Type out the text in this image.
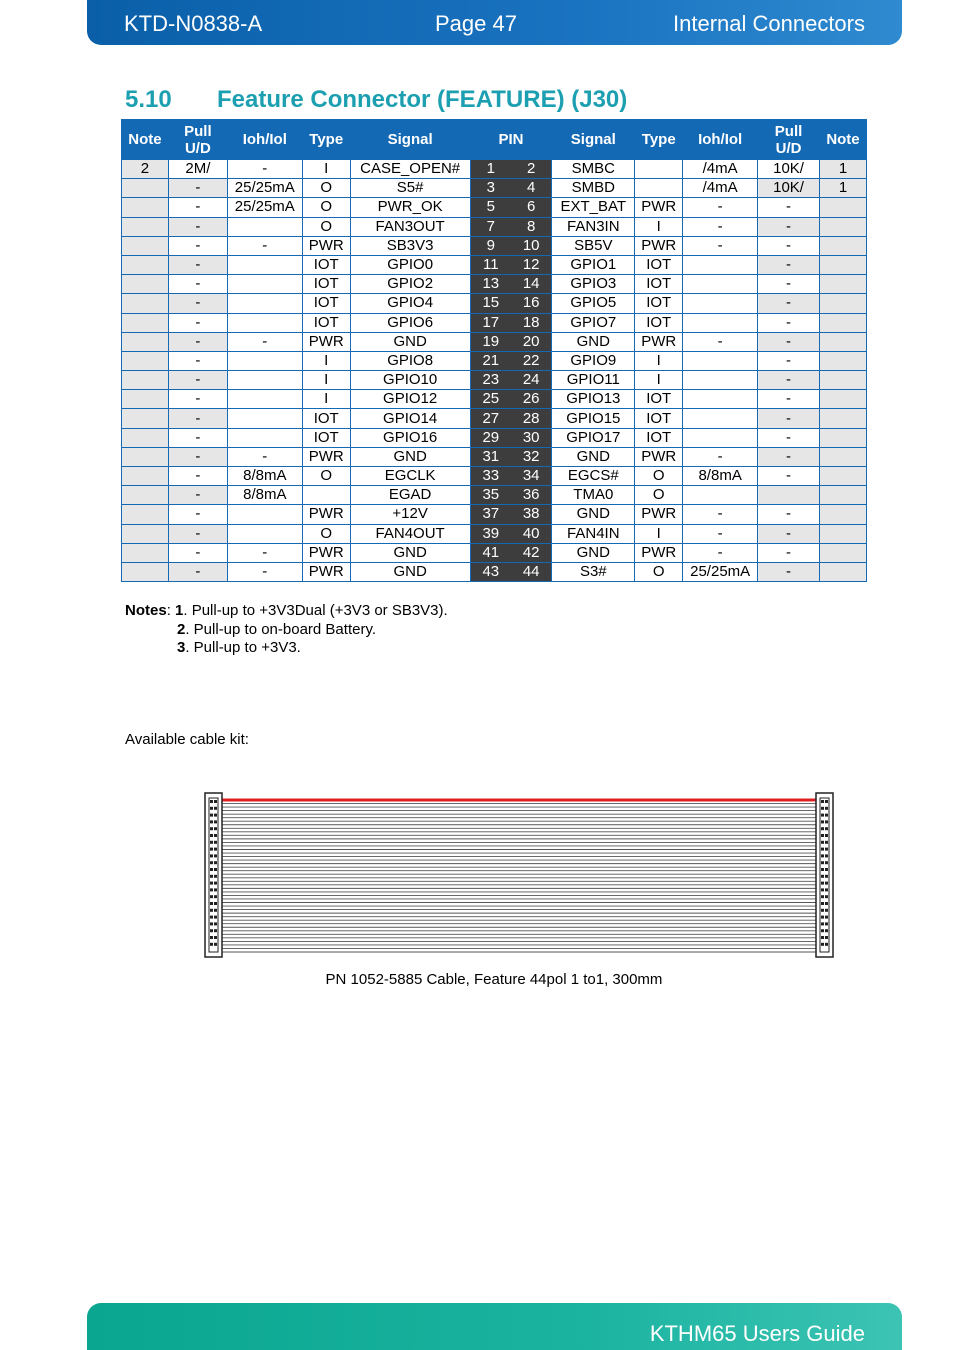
KTD-N0838-A	Page 47	Internal Connectors
5.10 Feature Connector (FEATURE) (J30)
Note	Pull U/D	Ioh/Iol	Type	Signal	PIN		Signal	Type	Ioh/Iol	Pull U/D	Note
2	2M/	-	I	CASE_OPEN#	1	2	SMBC		/4mA	10K/	1
	-	25/25mA	O	S5#	3	4	SMBD		/4mA	10K/	1
	-	25/25mA	O	PWR_OK	5	6	EXT_BAT	PWR	-	-	
	-		O	FAN3OUT	7	8	FAN3IN	I	-	-	
	-	-	PWR	SB3V3	9	10	SB5V	PWR	-	-	
	-		IOT	GPIO0	11	12	GPIO1	IOT		-	
	-		IOT	GPIO2	13	14	GPIO3	IOT		-	
	-		IOT	GPIO4	15	16	GPIO5	IOT		-	
	-		IOT	GPIO6	17	18	GPIO7	IOT		-	
	-	-	PWR	GND	19	20	GND	PWR	-	-	
	-		I	GPIO8	21	22	GPIO9	I		-	
	-		I	GPIO10	23	24	GPIO11	I		-	
	-		I	GPIO12	25	26	GPIO13	IOT		-	
	-		IOT	GPIO14	27	28	GPIO15	IOT		-	
	-		IOT	GPIO16	29	30	GPIO17	IOT		-	
	-	-	PWR	GND	31	32	GND	PWR	-	-	
	-	8/8mA	O	EGCLK	33	34	EGCS#	O	8/8mA	-	
	-	8/8mA		EGAD	35	36	TMA0	O			
	-		PWR	+12V	37	38	GND	PWR	-	-	
	-		O	FAN4OUT	39	40	FAN4IN	I	-	-	
	-	-	PWR	GND	41	42	GND	PWR	-	-	
	-	-	PWR	GND	43	44	S3#	O	25/25mA	-	
Notes: 1. Pull-up to +3V3Dual (+3V3 or SB3V3).
2. Pull-up to on-board Battery.
3. Pull-up to +3V3.
Available cable kit:
PN 1052-5885 Cable, Feature 44pol 1 to1, 300mm
KTHM65 Users Guide
